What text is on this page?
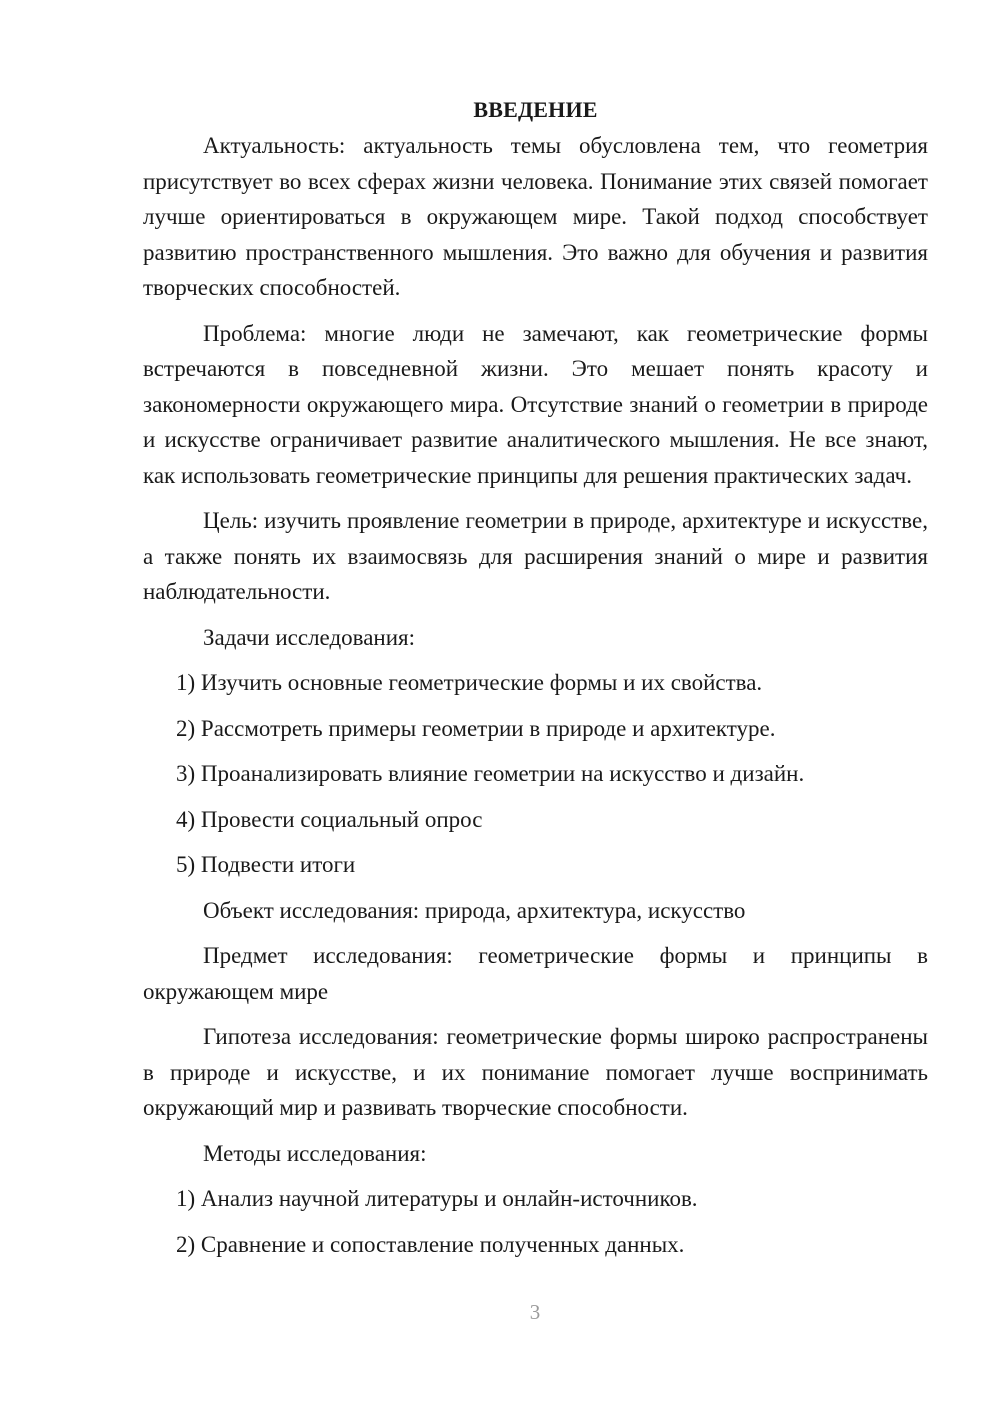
ВВЕДЕНИЕ

Актуальность: актуальность темы обусловлена тем, что геометрия присутствует во всех сферах жизни человека. Понимание этих связей помогает лучше ориентироваться в окружающем мире. Такой подход способствует развитию пространственного мышления. Это важно для обучения и развития творческих способностей.

Проблема: многие люди не замечают, как геометрические формы встречаются в повседневной жизни. Это мешает понять красоту и закономерности окружающего мира. Отсутствие знаний о геометрии в природе и искусстве ограничивает развитие аналитического мышления. Не все знают, как использовать геометрические принципы для решения практических задач.

Цель: изучить проявление геометрии в природе, архитектуре и искусстве, а также понять их взаимосвязь для расширения знаний о мире и развития наблюдательности.

Задачи исследования:

1) Изучить основные геометрические формы и их свойства.

2) Рассмотреть примеры геометрии в природе и архитектуре.

3) Проанализировать влияние геометрии на искусство и дизайн.

4) Провести социальный опрос

5) Подвести итоги

Объект исследования: природа, архитектура, искусство

Предмет исследования: геометрические формы и принципы в окружающем мире

Гипотеза исследования: геометрические формы широко распространены в природе и искусстве, и их понимание помогает лучше воспринимать окружающий мир и развивать творческие способности.

Методы исследования:

1) Анализ научной литературы и онлайн-источников.

2) Сравнение и сопоставление полученных данных.

3
